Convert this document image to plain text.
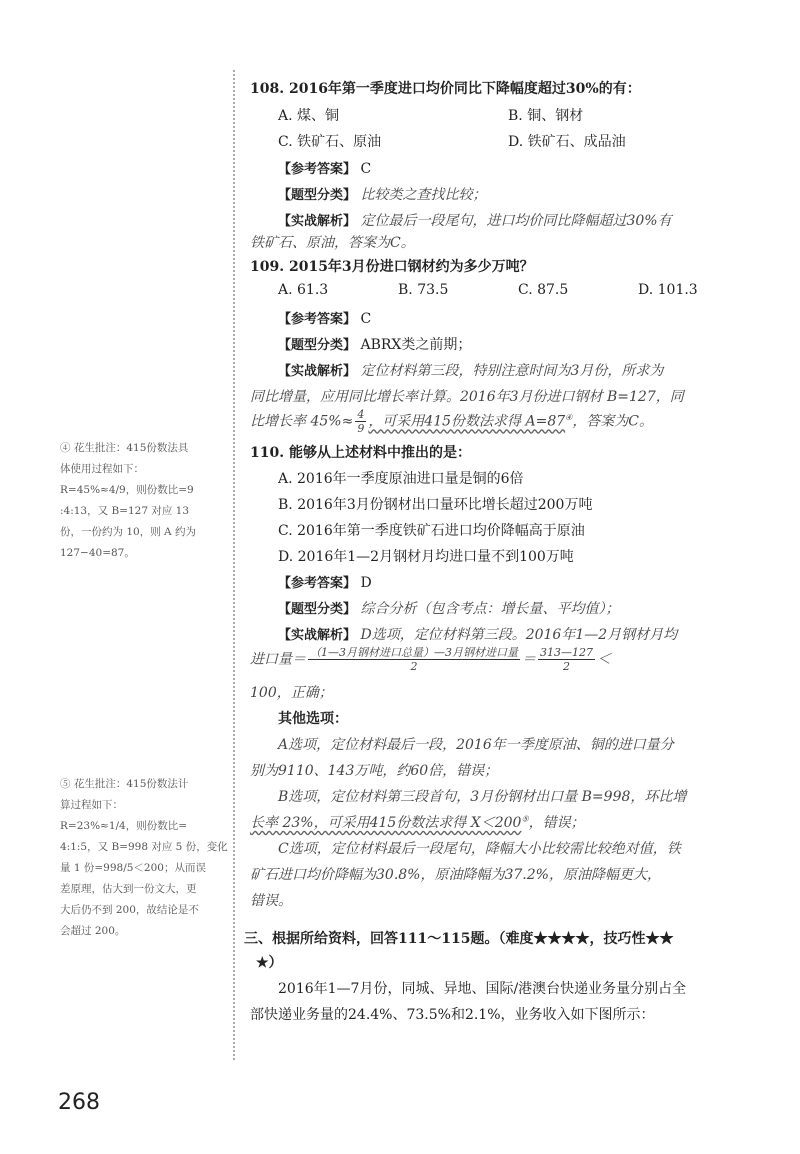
108. 2016年第一季度进口均价同比下降幅度超过30%的有：
A. 煤、铜	B. 铜、钢材
C. 铁矿石、原油	D. 铁矿石、成品油
【参考答案】 C
【题型分类】 比较类之查找比较；
【实战解析】 定位最后一段尾句，进口均价同比降幅超过30%有
铁矿石、原油，答案为C。
109. 2015年3月份进口钢材约为多少万吨？
A. 61.3	B. 73.5	C. 87.5	D. 101.3
【参考答案】 C
【题型分类】 ABRX类之前期；
【实战解析】 定位材料第三段，特别注意时间为3月份，所求为
同比增量，应用同比增长率计算。2016年3月份进口钢材 B=127，同
比增长率 $45\%\approx \frac{4}{9}$ ，可采用415份数法求得 A=87④，答案为C。
110. 能够从上述材料中推出的是：
A. 2016年一季度原油进口量是铜的6倍
B. 2016年3月份钢材出口量环比增长超过200万吨
C. 2016年第一季度铁矿石进口均价降幅高于原油
D. 2016年1—2月钢材月均进口量不到100万吨
【参考答案】 D
【题型分类】 综合分析（包含考点：增长量、平均值）；
【实战解析】 D选项，定位材料第三段。2016年1—2月钢材月均
进口量＝ $\frac{\text{（1—3月钢材进口总量）—3月钢材进口量}}{2} = \frac{313—127}{2}$ ＜
100，正确；
其他选项：
A选项，定位材料最后一段，2016年一季度原油、铜的进口量分
别为9110、143万吨，约60倍，错误；
B选项，定位材料第三段首句，3月份钢材出口量 B=998，环比增
长率 23%，可采用415份数法求得 X＜200⑤，错误；
C选项，定位材料最后一段尾句，降幅大小比较需比较绝对值，铁
矿石进口均价降幅为30.8%，原油降幅为37.2%，原油降幅更大，
错误。
三、根据所给资料，回答111～115题。（难度★★★★，技巧性★★
★）
2016年1—7月份，同城、异地、国际/港澳台快递业务量分别占全
部快递业务量的24.4%、73.5%和2.1%，业务收入如下图所示：
④ 花生批注：415份数法具
体使用过程如下：
R=45%≈4/9，则份数比=9
:4:13，又 B=127 对应 13
份，一份约为 10，则 A 约为
127−40=87。
⑤ 花生批注：415份数法计
算过程如下：
R=23%≈1/4，则份数比=
4:1:5，又 B=998 对应 5 份，变化
量 1 份=998/5＜200；从而误
差原理，估大到一份文大，更
大后仍不到 200，故结论是不
会超过 200。
268
